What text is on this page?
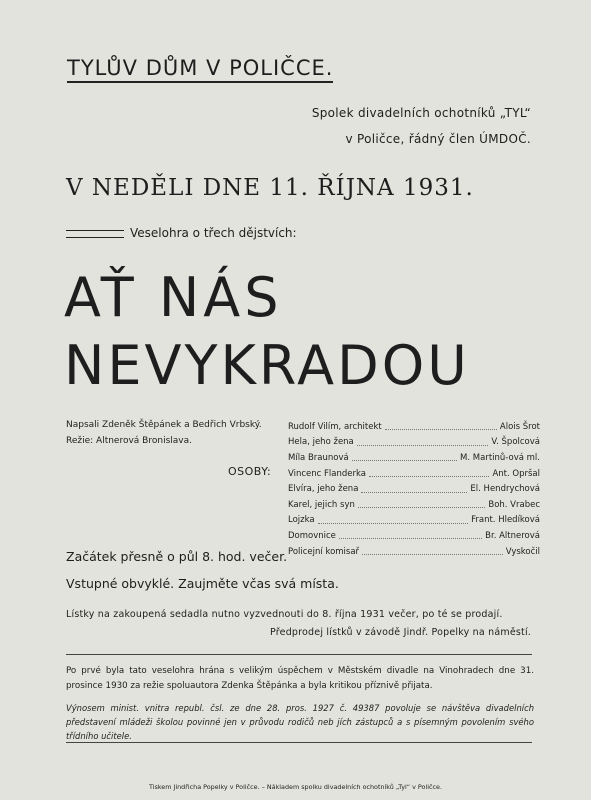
TYLŮV DŮM V POLIČCE.
Spolek divadelních ochotníků „TYL“
v Poličce, řádný člen ÚMDOČ.
V NEDĚLI DNE 11. ŘÍJNA 1931.
Veselohra o třech dějstvích:
AŤ NÁS
NEVYKRADOU
Napsali Zdeněk Štěpánek a Bedřich Vrbský.
Režie: Altnerová Bronislava.
OSOBY:
Rudolf Vilím, architekt	Alois Šrot
Hela, jeho žena	V. Špolcová
Míla Braunová	M. Martinů-ová ml.
Vincenc Flanderka	Ant. Opršal
Elvíra, jeho žena	El. Hendrychová
Karel, jejich syn	Boh. Vrabec
Lojzka	Frant. Hledíková
Domovnice	Br. Altnerová
Policejní komisař	Vyskočil
Začátek přesně o půl 8. hod. večer.
Vstupné obvyklé. Zaujměte včas svá místa.
Lístky na zakoupená sedadla nutno vyzvednouti do 8. října 1931 večer, po té se prodají.
Předprodej lístků v závodě Jindř. Popelky na náměstí.
Po prvé byla tato veselohra hrána s velikým úspěchem v Městském divadle na Vinohradech dne 31. prosince 1930 za režie spoluautora Zdenka Štěpánka a byla kritikou příznivě přijata.
Výnosem minist. vnitra republ. čsl. ze dne 28. pros. 1927 č. 49387 povoluje se návštěva divadelních představení mládeži školou povinné jen v průvodu rodičů neb jích zástupců a s písemným povolením svého třídního učitele.
Tiskem Jindřicha Popelky v Poličce. – Nákladem spolku divadelních ochotníků „Tyl“ v Poličce.
